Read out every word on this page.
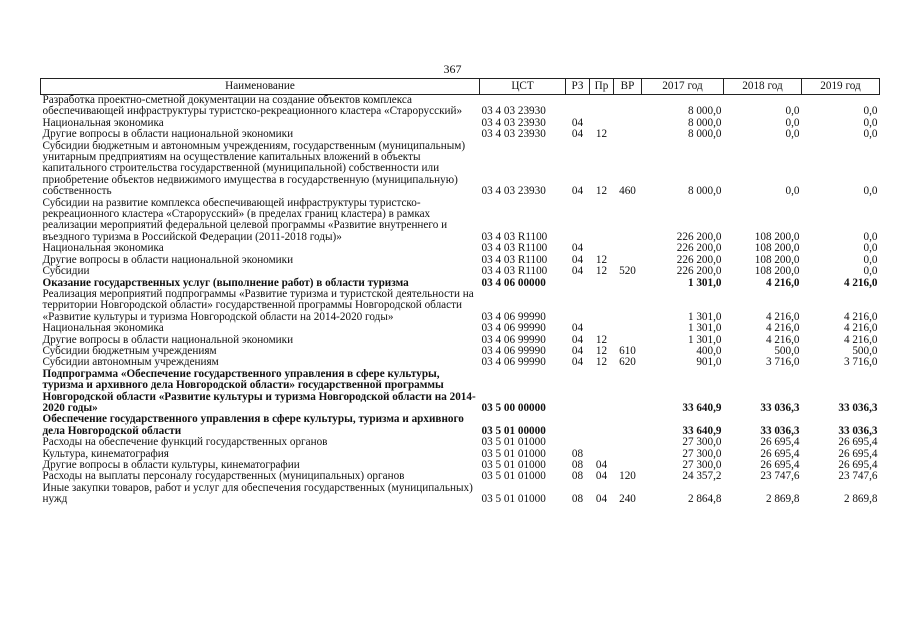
367
Наименование	ЦСТ	РЗ	Пр	ВР	2017 год	2018 год	2019 год
Разработка проектно-сметной документации на создание объектов комплекса обеспечивающей инфраструктуры туристско-рекреационного кластера «Старорусский»	03 4 03 23930				8 000,0	0,0	0,0
Национальная экономика	03 4 03 23930	04			8 000,0	0,0	0,0
Другие вопросы в области национальной экономики	03 4 03 23930	04	12		8 000,0	0,0	0,0
Субсидии бюджетным и автономным учреждениям, государственным (муниципальным) унитарным предприятиям на осуществление капитальных вложений в объекты капитального строительства государственной (муниципальной) собственности или приобретение объектов недвижимого имущества в государственную (муниципальную) собственность	03 4 03 23930	04	12	460	8 000,0	0,0	0,0
Субсидии на развитие комплекса обеспечивающей инфраструктуры туристско-рекреационного кластера «Старорусский» (в пределах границ кластера) в рамках реализации мероприятий федеральной целевой программы «Развитие внутреннего и въездного туризма в Российской Федерации (2011-2018 годы)»	03 4 03 R1100				226 200,0	108 200,0	0,0
Национальная экономика	03 4 03 R1100	04			226 200,0	108 200,0	0,0
Другие вопросы в области национальной экономики	03 4 03 R1100	04	12		226 200,0	108 200,0	0,0
Субсидии	03 4 03 R1100	04	12	520	226 200,0	108 200,0	0,0
Оказание государственных услуг (выполнение работ) в области туризма	03 4 06 00000				1 301,0	4 216,0	4 216,0
Реализация мероприятий подпрограммы «Развитие туризма и туристской деятельности на территории Новгородской области» государственной программы Новгородской области «Развитие культуры и туризма Новгородской области на 2014-2020 годы»	03 4 06 99990				1 301,0	4 216,0	4 216,0
Национальная экономика	03 4 06 99990	04			1 301,0	4 216,0	4 216,0
Другие вопросы в области национальной экономики	03 4 06 99990	04	12		1 301,0	4 216,0	4 216,0
Субсидии бюджетным учреждениям	03 4 06 99990	04	12	610	400,0	500,0	500,0
Субсидии автономным учреждениям	03 4 06 99990	04	12	620	901,0	3 716,0	3 716,0
Подпрограмма «Обеспечение государственного управления в сфере культуры, туризма и архивного дела Новгородской области» государственной программы Новгородской области «Развитие культуры и туризма Новгородской области на 2014-2020 годы»	03 5 00 00000				33 640,9	33 036,3	33 036,3
Обеспечение государственного управления в сфере культуры, туризма и архивного дела Новгородской области	03 5 01 00000				33 640,9	33 036,3	33 036,3
Расходы на обеспечение функций государственных органов	03 5 01 01000				27 300,0	26 695,4	26 695,4
Культура, кинематография	03 5 01 01000	08			27 300,0	26 695,4	26 695,4
Другие вопросы в области культуры, кинематографии	03 5 01 01000	08	04		27 300,0	26 695,4	26 695,4
Расходы на выплаты персоналу государственных (муниципальных) органов	03 5 01 01000	08	04	120	24 357,2	23 747,6	23 747,6
Иные закупки товаров, работ и услуг для обеспечения государственных (муниципальных) нужд	03 5 01 01000	08	04	240	2 864,8	2 869,8	2 869,8
